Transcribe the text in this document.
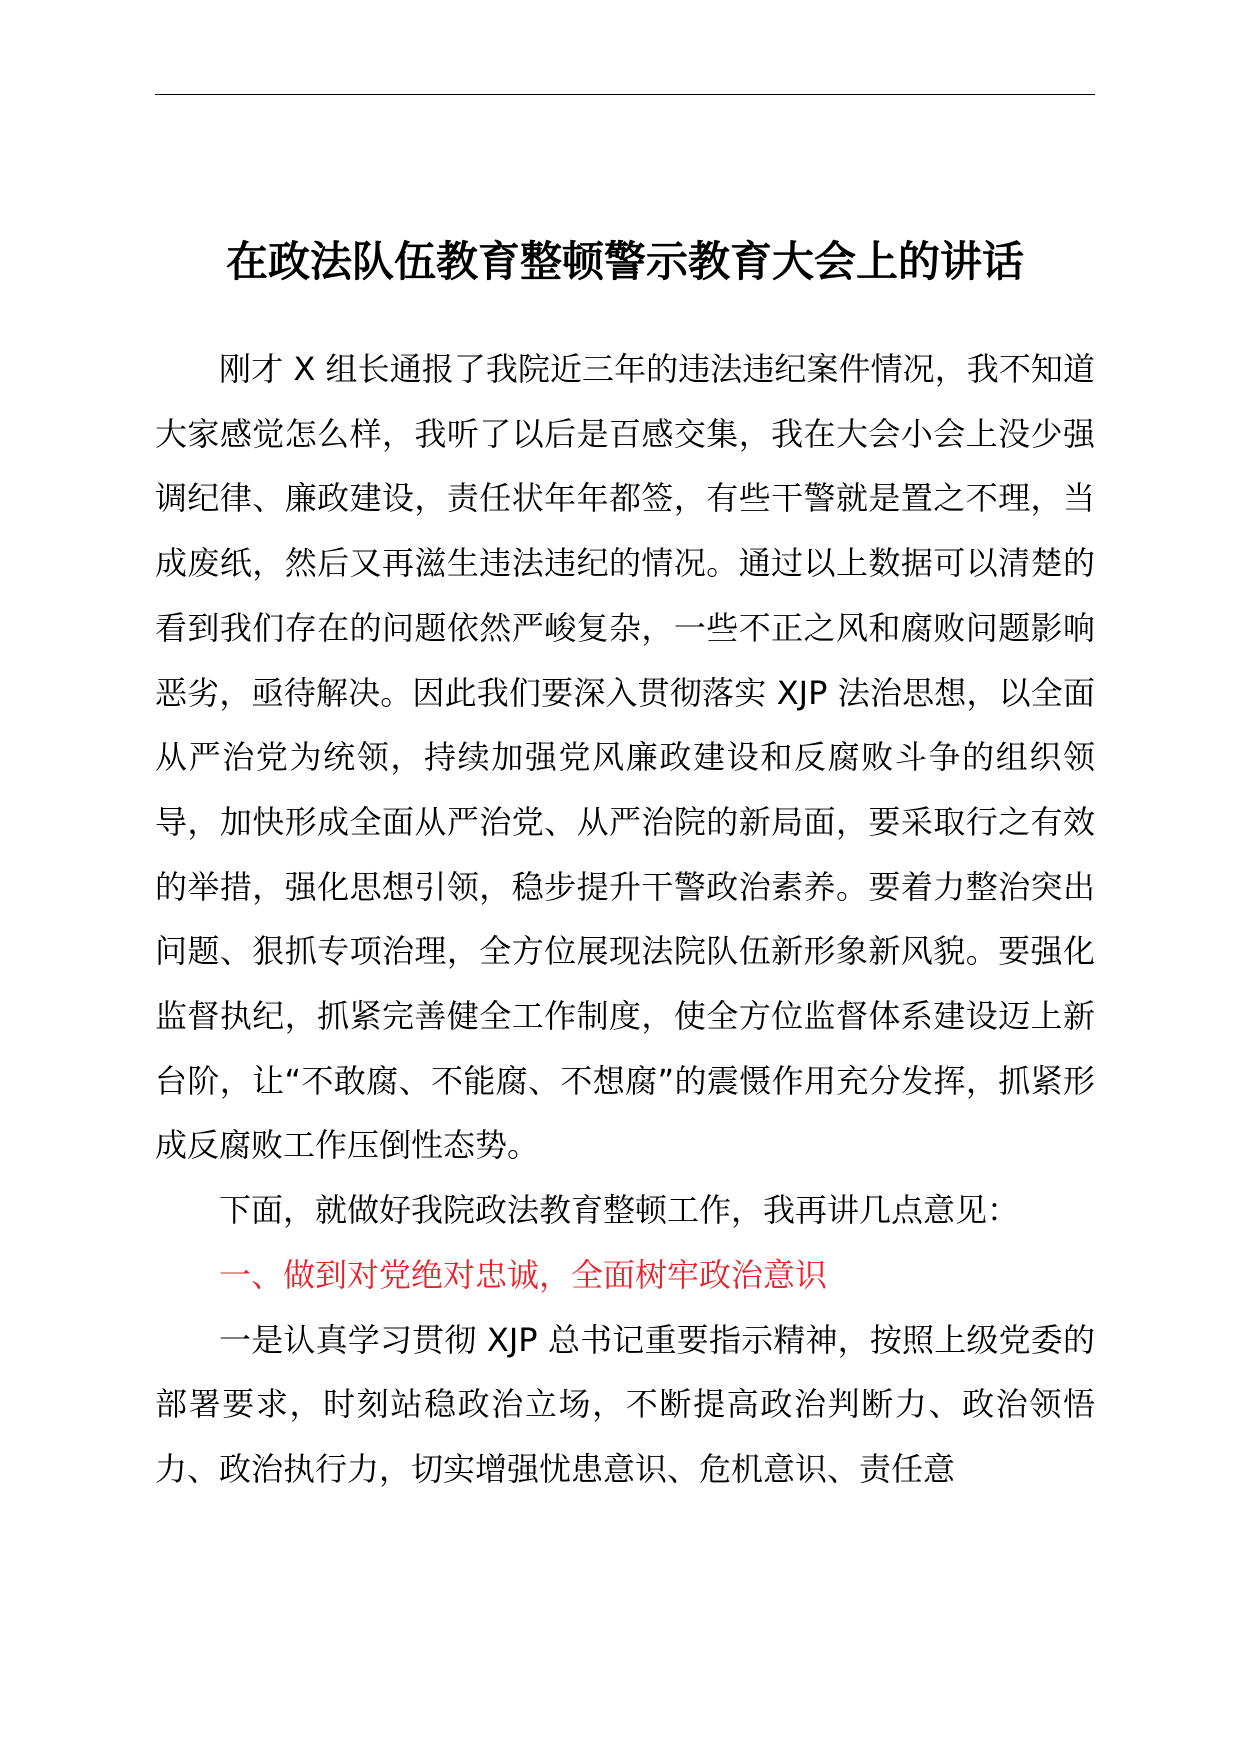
在政法队伍教育整顿警示教育大会上的讲话

刚才 X 组长通报了我院近三年的违法违纪案件情况，我不知道大家感觉怎么样，我听了以后是百感交集，我在大会小会上没少强调纪律、廉政建设，责任状年年都签，有些干警就是置之不理，当成废纸，然后又再滋生违法违纪的情况。通过以上数据可以清楚的看到我们存在的问题依然严峻复杂，一些不正之风和腐败问题影响恶劣，亟待解决。因此我们要深入贯彻落实 XJP 法治思想，以全面从严治党为统领，持续加强党风廉政建设和反腐败斗争的组织领导，加快形成全面从严治党、从严治院的新局面，要采取行之有效的举措，强化思想引领，稳步提升干警政治素养。要着力整治突出问题、狠抓专项治理，全方位展现法院队伍新形象新风貌。要强化监督执纪，抓紧完善健全工作制度，使全方位监督体系建设迈上新台阶，让“不敢腐、不能腐、不想腐”的震慑作用充分发挥，抓紧形成反腐败工作压倒性态势。

下面，就做好我院政法教育整顿工作，我再讲几点意见：

一、做到对党绝对忠诚，全面树牢政治意识

一是认真学习贯彻 XJP 总书记重要指示精神，按照上级党委的部署要求，时刻站稳政治立场，不断提高政治判断力、政治领悟力、政治执行力，切实增强忧患意识、危机意识、责任意
